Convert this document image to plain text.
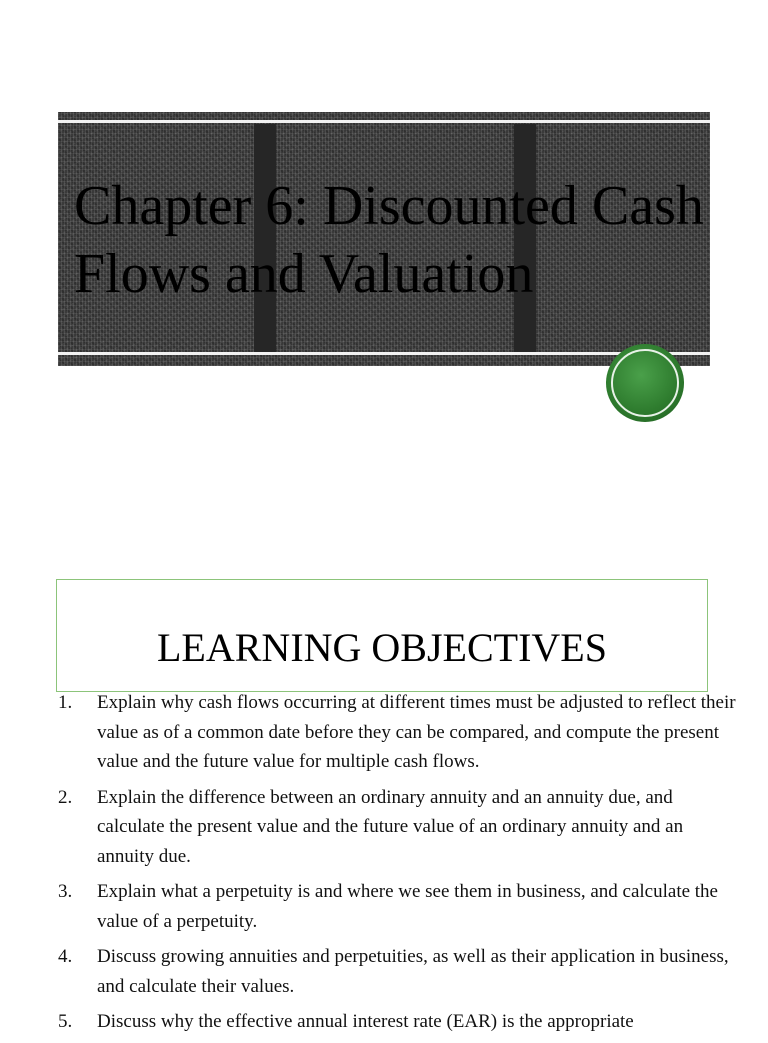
Chapter 6: Discounted Cash Flows and Valuation
LEARNING OBJECTIVES
1. Explain why cash flows occurring at different times must be adjusted to reflect their value as of a common date before they can be compared, and compute the present value and the future value for multiple cash flows.
2. Explain the difference between an ordinary annuity and an annuity due, and calculate the present value and the future value of an ordinary annuity and an annuity due.
3. Explain what a perpetuity is and where we see them in business, and calculate the value of a perpetuity.
4. Discuss growing annuities and perpetuities, as well as their application in business, and calculate their values.
5. Discuss why the effective annual interest rate (EAR) is the appropriate
